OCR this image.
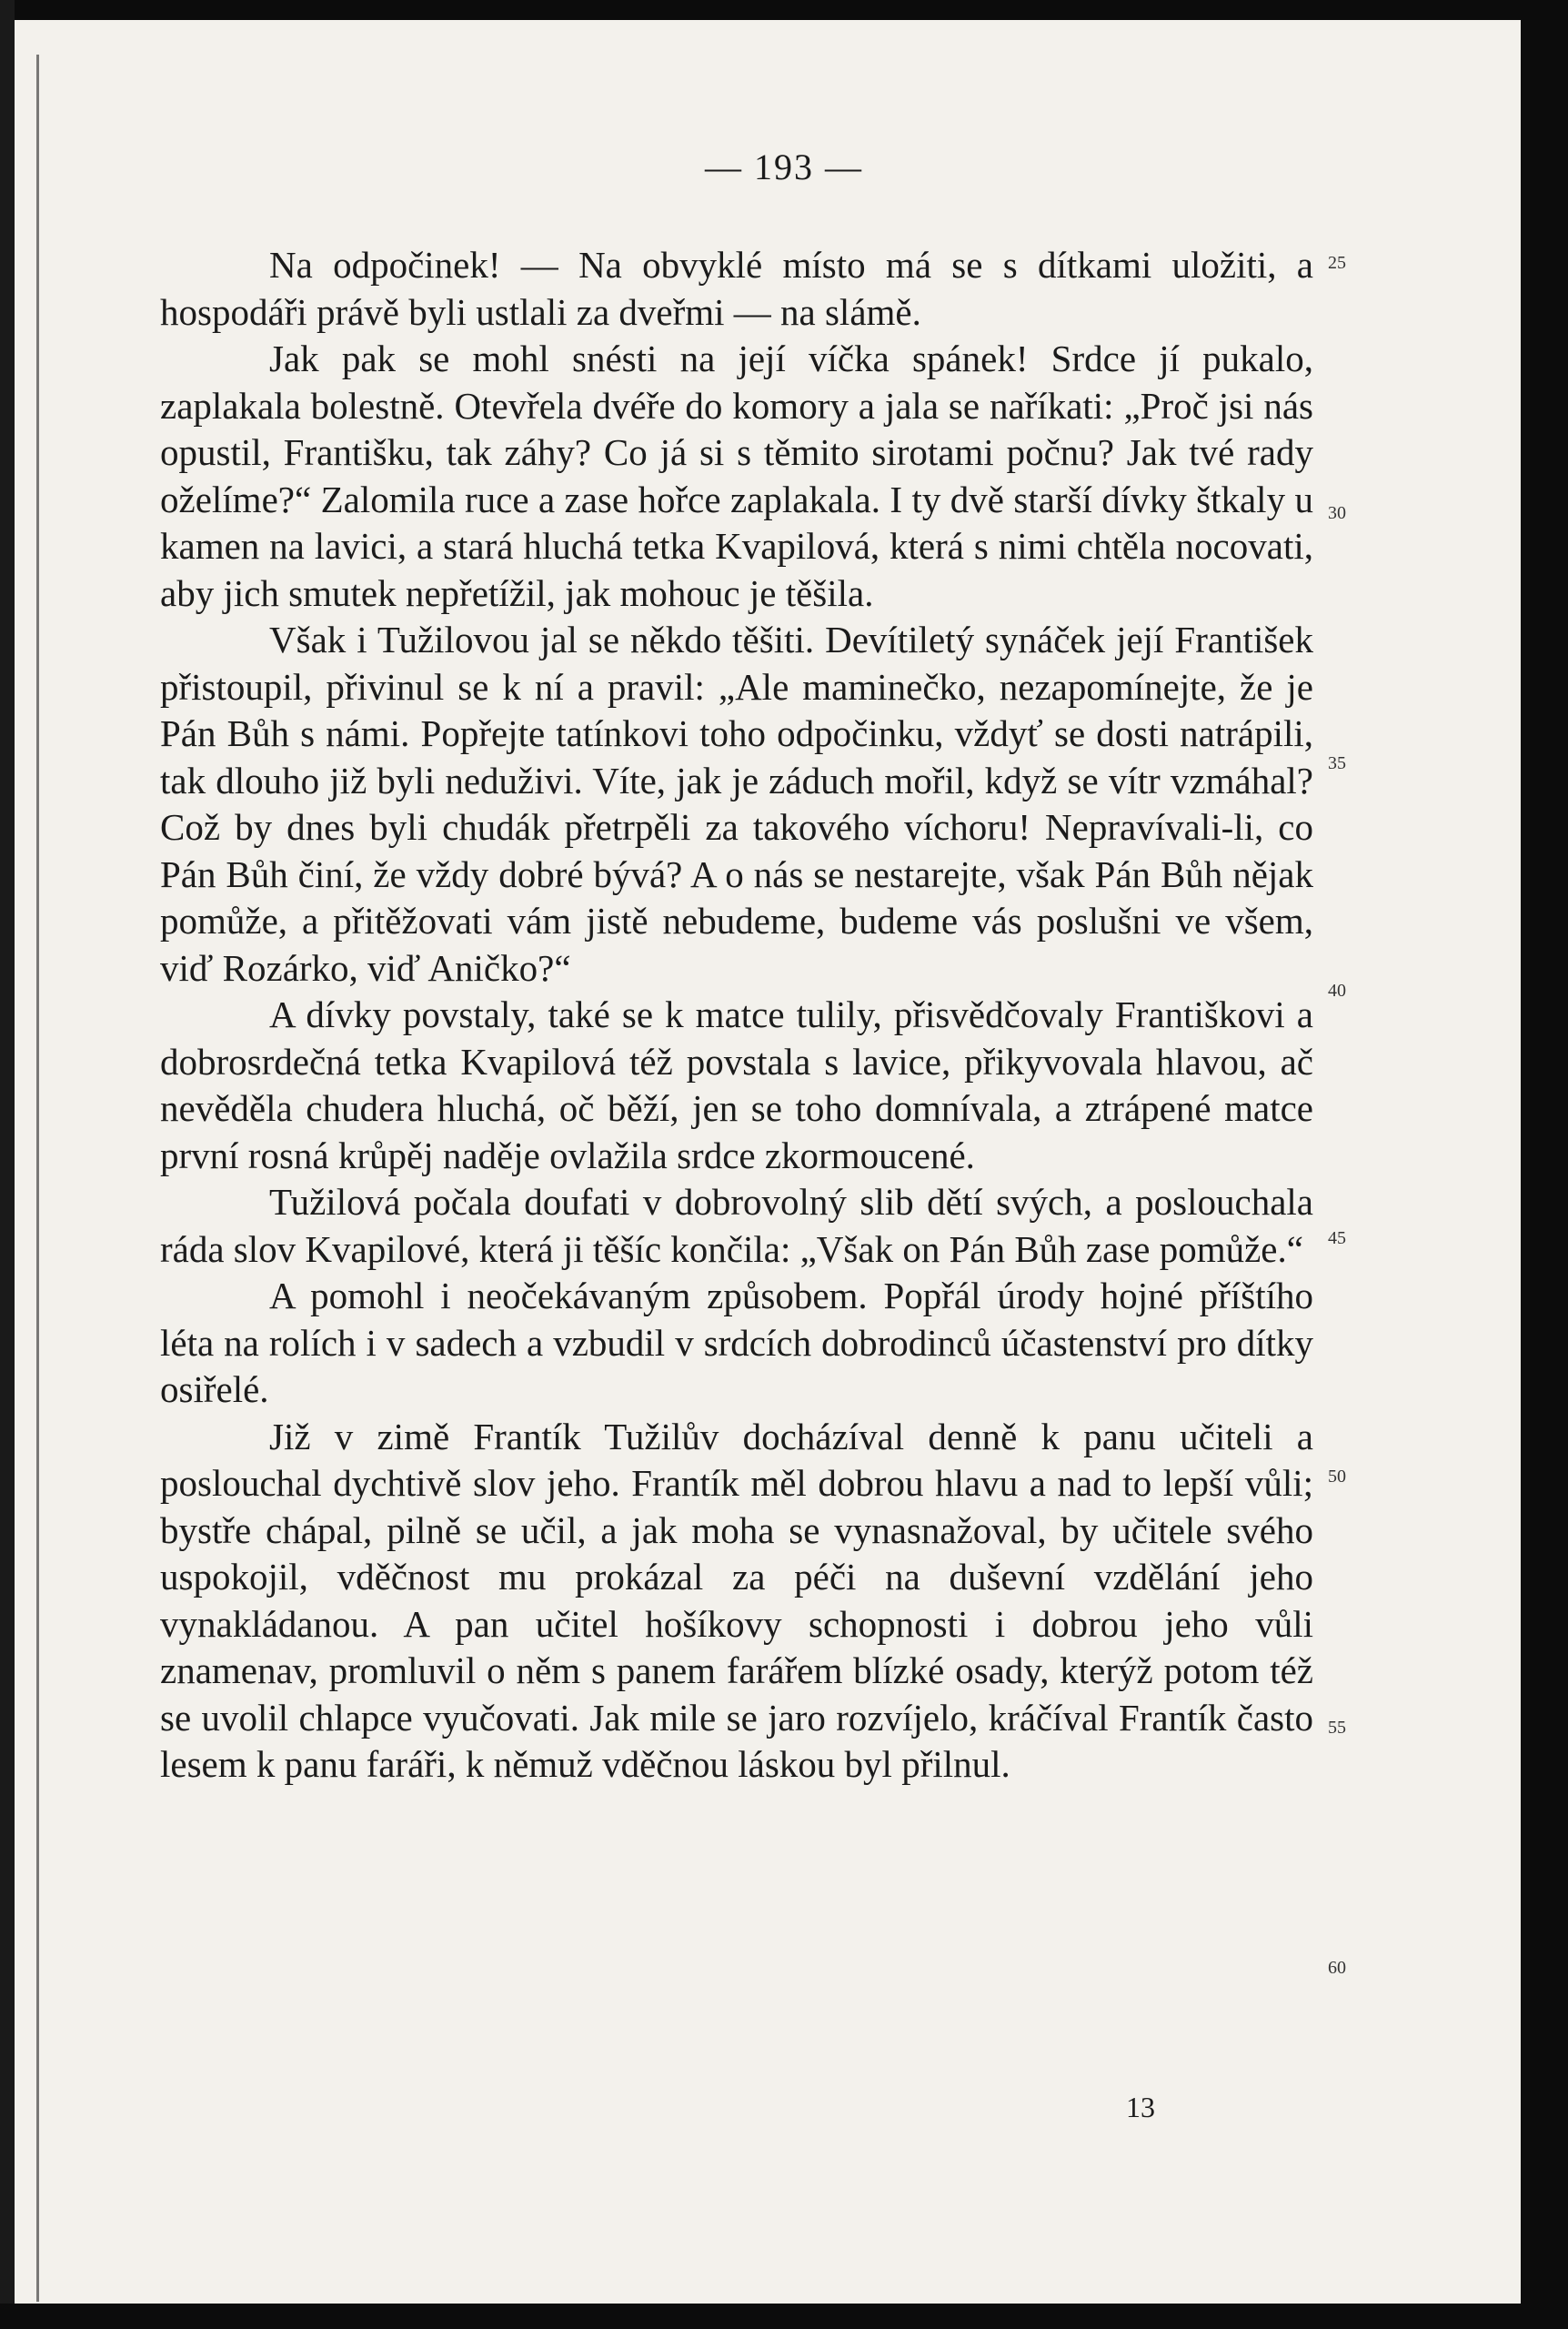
— 193 —

Na odpočinek! — Na obvyklé místo má se s dítkami uložiti, a hospodáři právě byli ustlali za dveřmi — na slámě.

Jak pak se mohl snésti na její víčka spánek! Srdce jí pukalo, zaplakala bolestně. Otevřela dvéře do komory a jala se naříkati: „Proč jsi nás opustil, Františku, tak záhy? Co já si s těmito sirotami počnu? Jak tvé rady oželíme?“ Zalomila ruce a zase hořce zaplakala. I ty dvě starší dívky štkaly u kamen na lavici, a stará hluchá tetka Kvapilová, která s nimi chtěla nocovati, aby jich smutek nepřetížil, jak mohouc je těšila.

Však i Tužilovou jal se někdo těšiti. Devítiletý synáček její František přistoupil, přivinul se k ní a pravil: „Ale maminečko, nezapomínejte, že je Pán Bůh s námi. Popřejte tatínkovi toho odpočinku, vždyť se dosti natrápili, tak dlouho již byli neduživi. Víte, jak je záduch mořil, když se vítr vzmáhal? Což by dnes byli chudák přetrpěli za takového víchoru! Nepravívali-li, co Pán Bůh činí, že vždy dobré bývá? A o nás se nestarejte, však Pán Bůh nějak pomůže, a přitěžovati vám jistě nebudeme, budeme vás poslušni ve všem, viď Rozárko, viď Aničko?“

A dívky povstaly, také se k matce tulily, přisvědčovaly Františkovi a dobrosrdečná tetka Kvapilová též povstala s lavice, přikyvovala hlavou, ač nevěděla chudera hluchá, oč běží, jen se toho domnívala, a ztrápené matce první rosná krůpěj naděje ovlažila srdce zkormoucené.

Tužilová počala doufati v dobrovolný slib dětí svých, a poslouchala ráda slov Kvapilové, která ji těšíc končila: „Však on Pán Bůh zase pomůže.“

A pomohl i neočekávaným způsobem. Popřál úrody hojné příštího léta na rolích i v sadech a vzbudil v srdcích dobrodinců účastenství pro dítky osiřelé.

Již v zimě Frantík Tužilův docházíval denně k panu učiteli a poslouchal dychtivě slov jeho. Frantík měl dobrou hlavu a nad to lepší vůli; bystře chápal, pilně se učil, a jak moha se vynasnažoval, by učitele svého uspokojil, vděčnost mu prokázal za péči na duševní vzdělání jeho vynakládanou. A pan učitel hošíkovy schopnosti i dobrou jeho vůli znamenav, promluvil o něm s panem farářem blízké osady, kterýž potom též se uvolil chlapce vyučovati. Jak mile se jaro rozvíjelo, kráčíval Frantík často lesem k panu faráři, k němuž vděčnou láskou byl přilnul.

25
30
35
40
45
50
55
60
13
